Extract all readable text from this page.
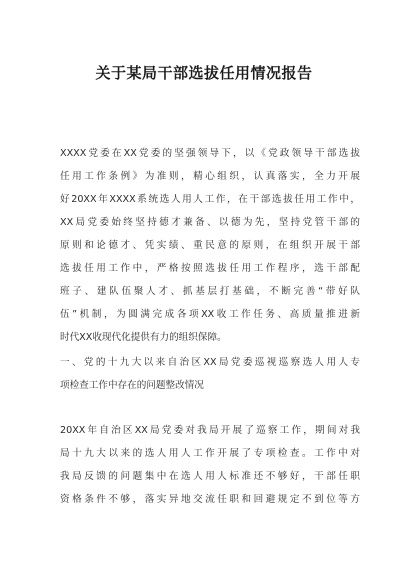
关于某局干部选拔任用情况报告
XXXX党委在XX党委的坚强领导下，以《党政领导干部选拔
任用工作条例》为准则，精心组织，认真落实，全力开展
好20XX年XXXX系统选人用人工作，在干部选拔任用工作中，
XX局党委始终坚持德才兼备、以德为先，坚持党管干部的
原则和论德才、凭实绩、重民意的原则，在组织开展干部
选拔任用工作中，严格按照选拔任用工作程序，选干部配
班子、建队伍聚人才、抓基层打基础，不断完善“带好队
伍”机制，为圆满完成各项XX收工作任务、高质量推进新
时代XX收现代化提供有力的组织保障。
一、党的十九大以来自治区XX局党委巡视巡察选人用人专
项检查工作中存在的问题整改情况
20XX年自治区XX局党委对我局开展了巡察工作，期间对我
局十九大以来的选人用人工作开展了专项检查。工作中对
我局反馈的问题集中在选人用人标准还不够好，干部任职
资格条件不够，落实异地交流任职和回避规定不到位等方
